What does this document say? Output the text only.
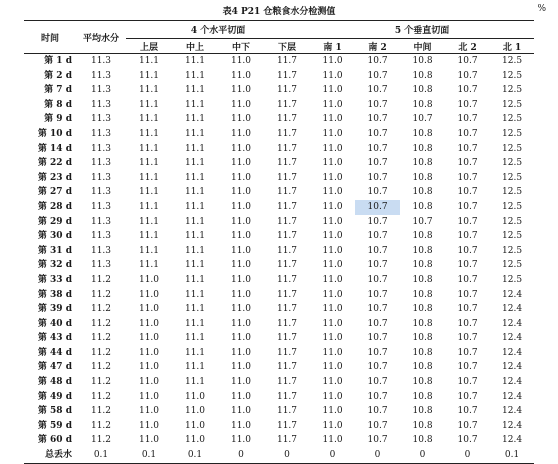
表4 P21 仓粮食水分检测值	%
时间	平均水分	4 个水平切面				5 个垂直切面				
		上层	中上	中下	下层	南 1	南 2	中间	北 2	北 1
第 1 d	11.3	11.1	11.1	11.0	11.7	11.0	10.7	10.8	10.7	12.5
第 2 d	11.3	11.1	11.1	11.0	11.7	11.0	10.7	10.8	10.7	12.5
第 7 d	11.3	11.1	11.1	11.0	11.7	11.0	10.7	10.8	10.7	12.5
第 8 d	11.3	11.1	11.1	11.0	11.7	11.0	10.7	10.8	10.7	12.5
第 9 d	11.3	11.1	11.1	11.0	11.7	11.0	10.7	10.7	10.7	12.5
第 10 d	11.3	11.1	11.1	11.0	11.7	11.0	10.7	10.8	10.7	12.5
第 14 d	11.3	11.1	11.1	11.0	11.7	11.0	10.7	10.8	10.7	12.5
第 22 d	11.3	11.1	11.1	11.0	11.7	11.0	10.7	10.8	10.7	12.5
第 23 d	11.3	11.1	11.1	11.0	11.7	11.0	10.7	10.8	10.7	12.5
第 27 d	11.3	11.1	11.1	11.0	11.7	11.0	10.7	10.8	10.7	12.5
第 28 d	11.3	11.1	11.1	11.0	11.7	11.0	10.7	10.8	10.7	12.5
第 29 d	11.3	11.1	11.1	11.0	11.7	11.0	10.7	10.7	10.7	12.5
第 30 d	11.3	11.1	11.1	11.0	11.7	11.0	10.7	10.8	10.7	12.5
第 31 d	11.3	11.1	11.1	11.0	11.7	11.0	10.7	10.8	10.7	12.5
第 32 d	11.3	11.1	11.1	11.0	11.7	11.0	10.7	10.8	10.7	12.5
第 33 d	11.2	11.0	11.1	11.0	11.7	11.0	10.7	10.8	10.7	12.5
第 38 d	11.2	11.0	11.1	11.0	11.7	11.0	10.7	10.8	10.7	12.4
第 39 d	11.2	11.0	11.1	11.0	11.7	11.0	10.7	10.8	10.7	12.4
第 40 d	11.2	11.0	11.1	11.0	11.7	11.0	10.7	10.8	10.7	12.4
第 43 d	11.2	11.0	11.1	11.0	11.7	11.0	10.7	10.8	10.7	12.4
第 44 d	11.2	11.0	11.1	11.0	11.7	11.0	10.7	10.8	10.7	12.4
第 47 d	11.2	11.0	11.1	11.0	11.7	11.0	10.7	10.8	10.7	12.4
第 48 d	11.2	11.0	11.1	11.0	11.7	11.0	10.7	10.8	10.7	12.4
第 49 d	11.2	11.0	11.0	11.0	11.7	11.0	10.7	10.8	10.7	12.4
第 58 d	11.2	11.0	11.0	11.0	11.7	11.0	10.7	10.8	10.7	12.4
第 59 d	11.2	11.0	11.0	11.0	11.7	11.0	10.7	10.8	10.7	12.4
第 60 d	11.2	11.0	11.0	11.0	11.7	11.0	10.7	10.8	10.7	12.4
总丢水	0.1	0.1	0.1	0	0	0	0	0	0	0.1
